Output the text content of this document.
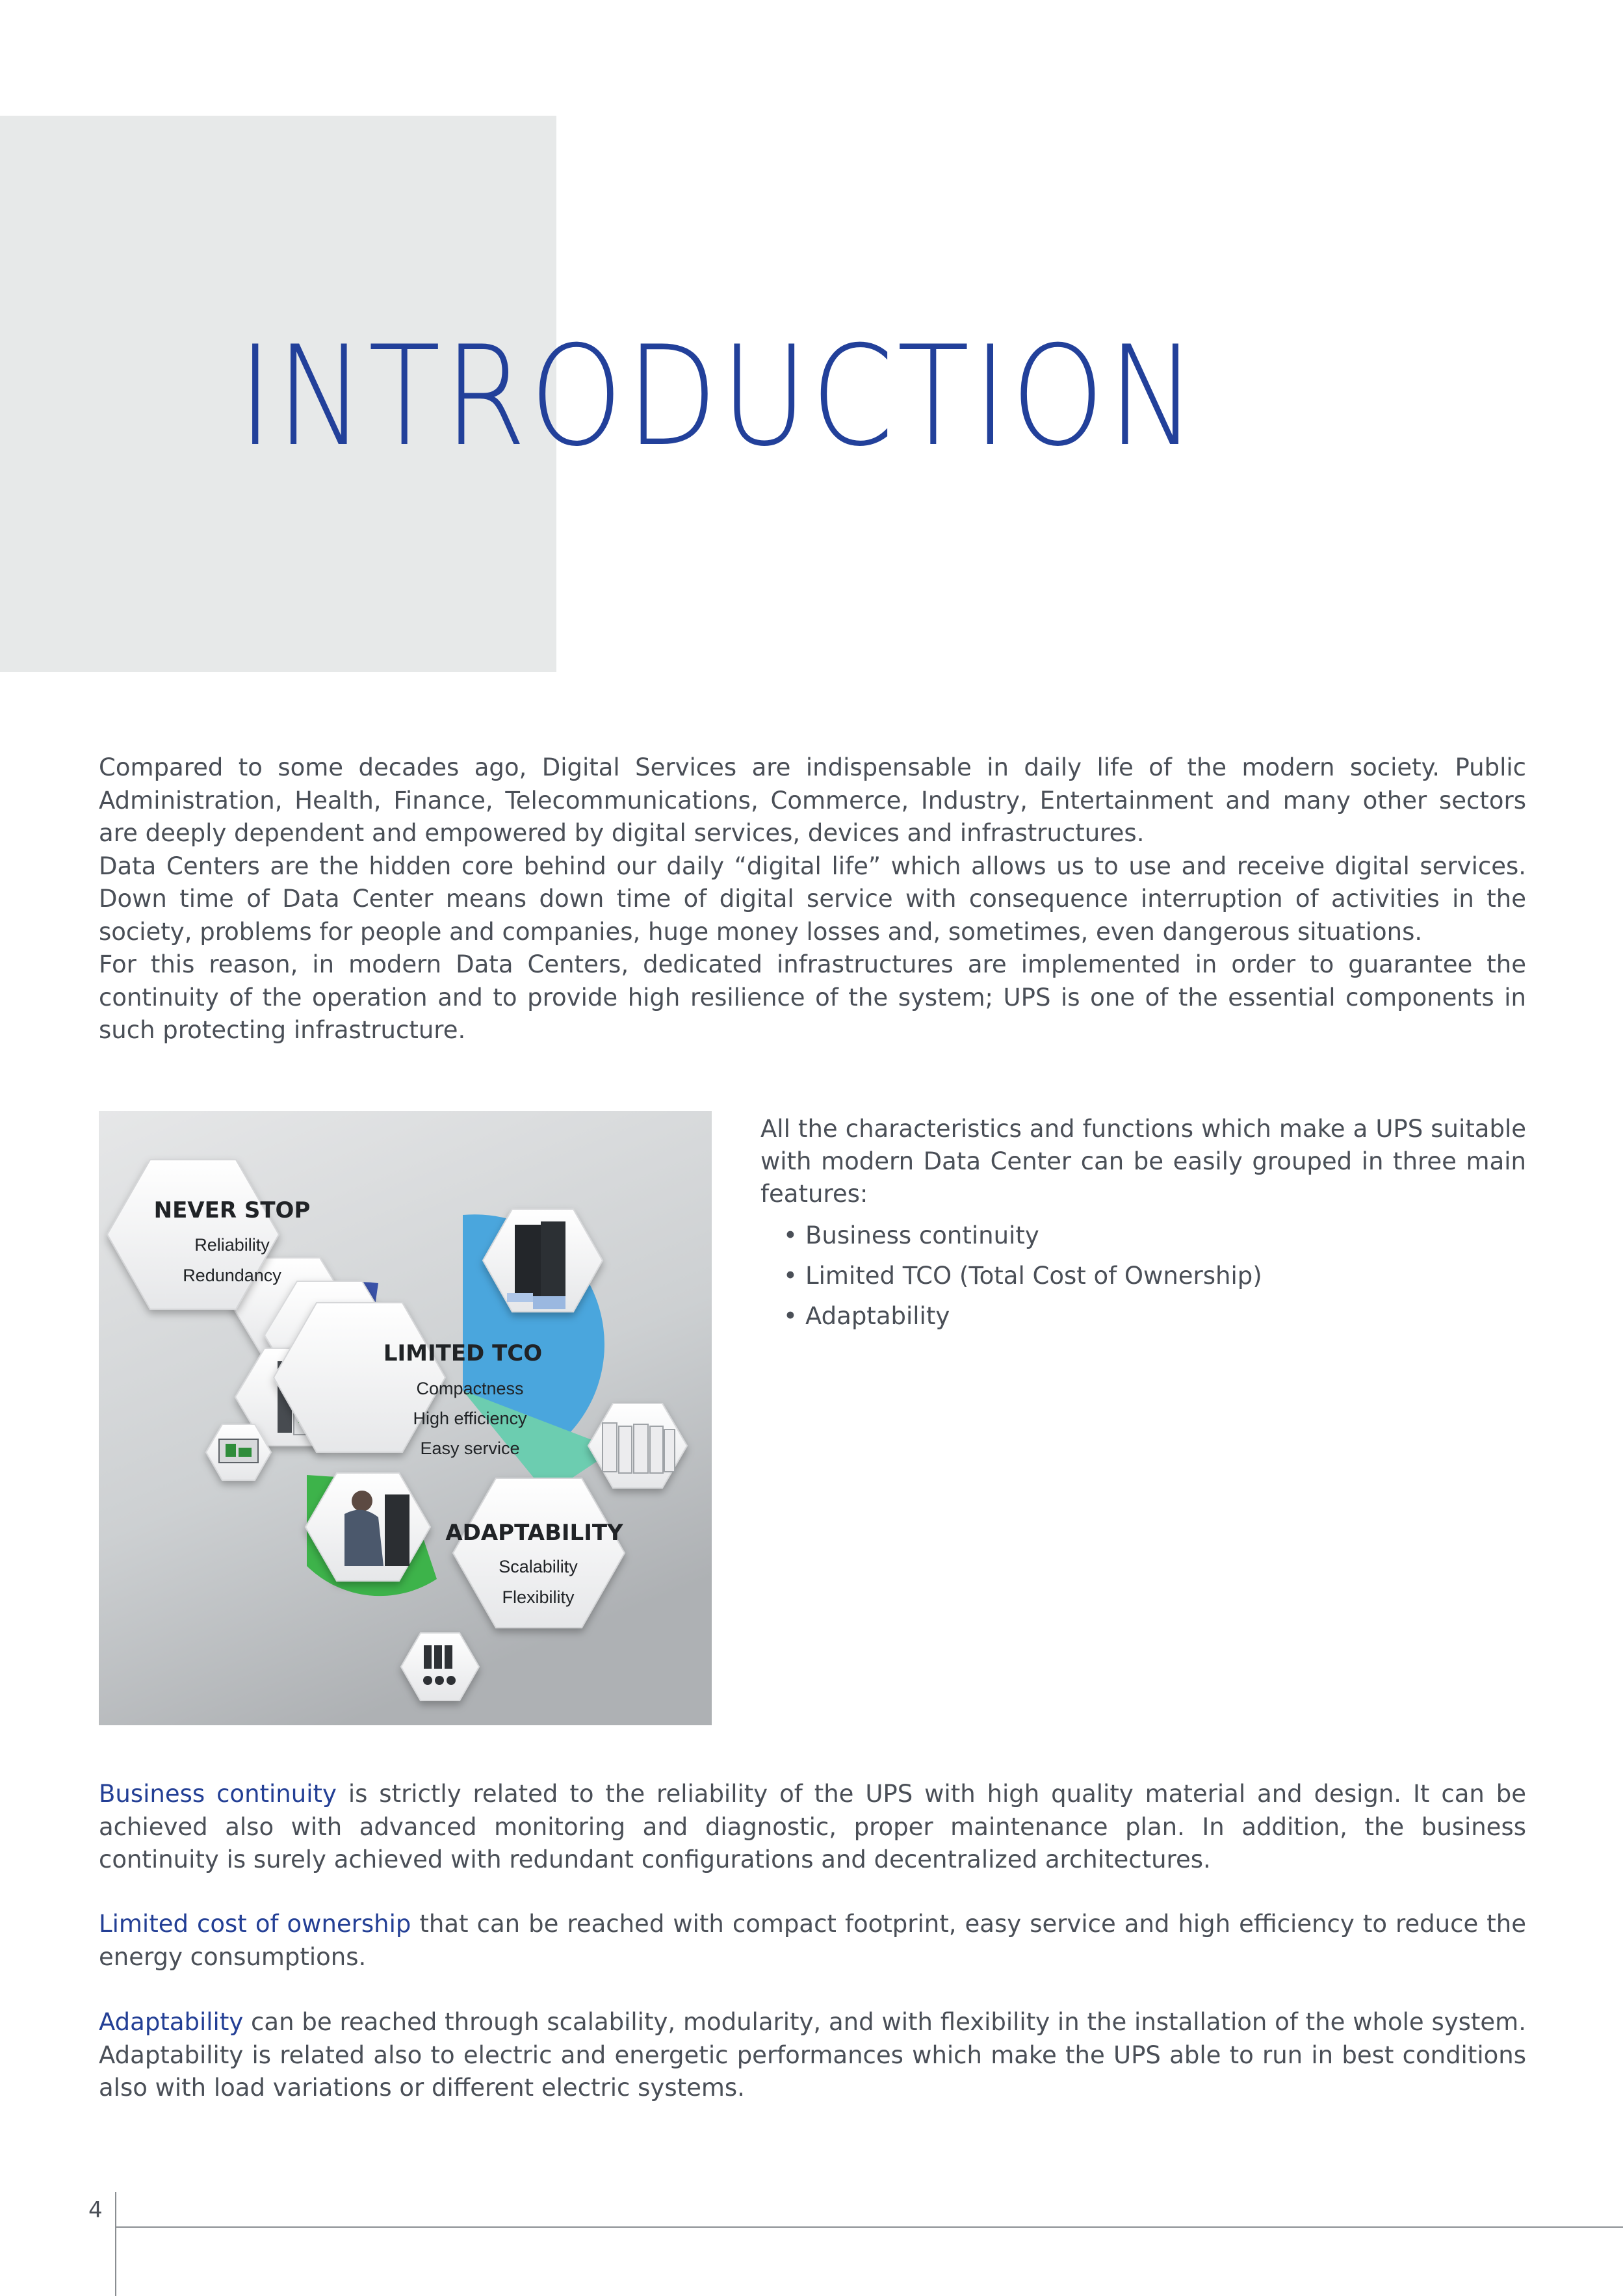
INTRODUCTION
Compared to some decades ago, Digital Services are indispensable in daily life of the modern society. Public Administration, Health, Finance, Telecommunications, Commerce, Industry, Entertainment and many other sectors are deeply dependent and empowered by digital services, devices and infrastructures.
Data Centers are the hidden core behind our daily “digital life” which allows us to use and receive digital services. Down time of Data Center means down time of digital service with consequence interruption of activities in the society, problems for people and companies, huge money losses and, sometimes, even dangerous situations.
For this reason, in modern Data Centers, dedicated infrastructures are implemented in order to guarantee the continuity of the operation and to provide high resilience of the system; UPS is one of the essential components in such protecting infrastructure.
NEVER STOP
Reliability
Redundancy
LIMITED TCO
Compactness
High efficiency
Easy service
ADAPTABILITY
Scalability
Flexibility

All the characteristics and functions which make a UPS suitable with modern Data Center can be easily grouped in three main features:

• Business continuity
• Limited TCO (Total Cost of Ownership)
• Adaptability

Business continuity is strictly related to the reliability of the UPS with high quality material and design. It can be achieved also with advanced monitoring and diagnostic, proper maintenance plan. In addition, the business continuity is surely achieved with redundant configurations and decentralized architectures.

Limited cost of ownership that can be reached with compact footprint, easy service and high efficiency to reduce the energy consumptions.

Adaptability can be reached through scalability, modularity, and with flexibility in the installation of the whole system. Adaptability is related also to electric and energetic performances which make the UPS able to run in best conditions also with load variations or different electric systems.

4
